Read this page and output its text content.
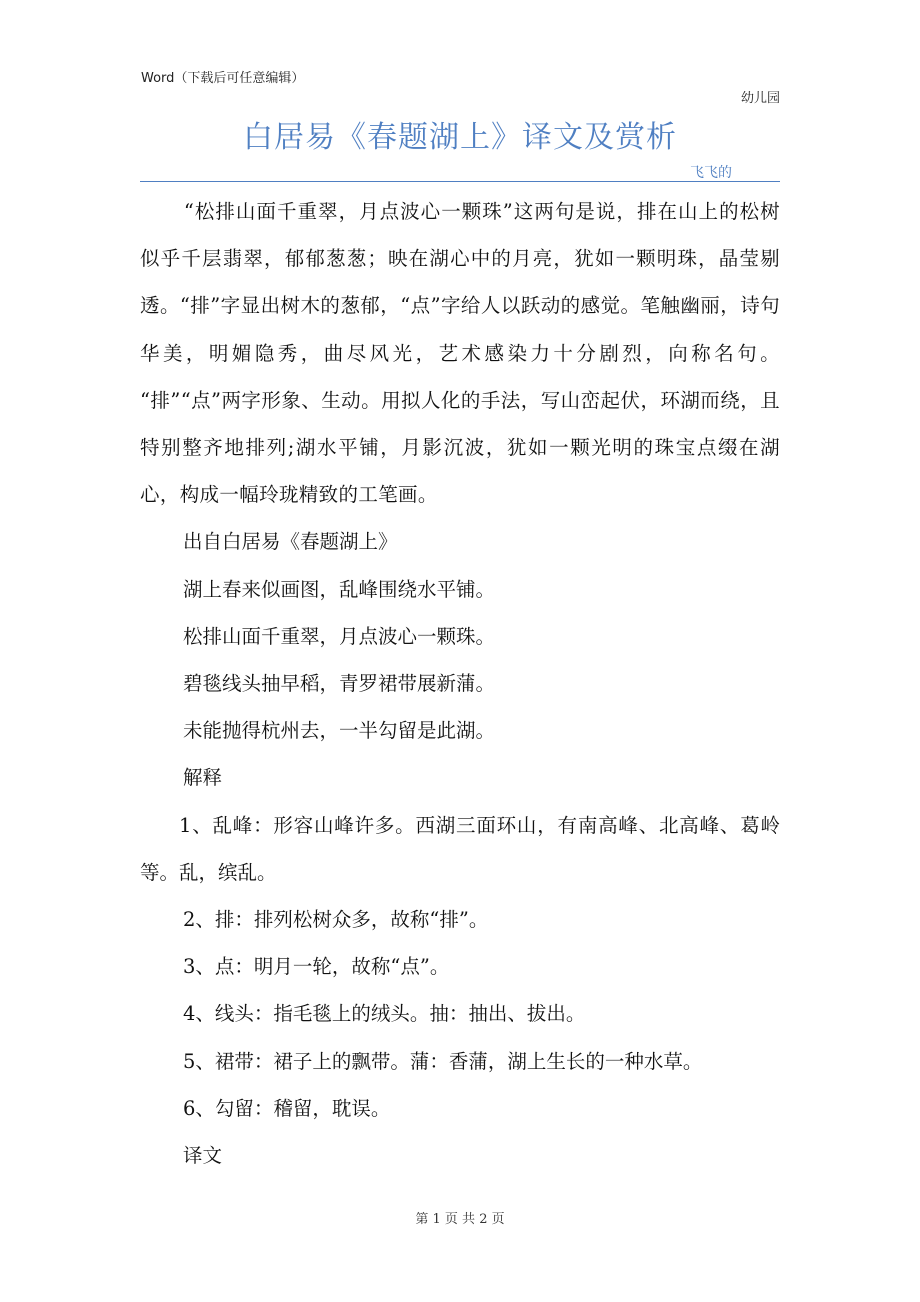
Word（下载后可任意编辑）
幼儿园
白居易《春题湖上》译文及赏析
飞飞的

“松排山面千重翠，月点波心一颗珠”这两句是说，排在山上的松树似乎千层翡翠，郁郁葱葱；映在湖心中的月亮，犹如一颗明珠，晶莹剔透。“排”字显出树木的葱郁，“点”字给人以跃动的感觉。笔触幽丽，诗句华美，明媚隐秀，曲尽风光，艺术感染力十分剧烈，向称名句。 “排”“点”两字形象、生动。用拟人化的手法，写山峦起伏，环湖而绕，且特别整齐地排列;湖水平铺，月影沉波，犹如一颗光明的珠宝点缀在湖心，构成一幅玲珑精致的工笔画。

出自白居易《春题湖上》

湖上春来似画图，乱峰围绕水平铺。

松排山面千重翠，月点波心一颗珠。

碧毯线头抽早稻，青罗裙带展新蒲。

未能抛得杭州去，一半勾留是此湖。

解释

1、乱峰：形容山峰许多。西湖三面环山，有南高峰、北高峰、葛岭等。乱，缤乱。

2、排：排列松树众多，故称“排”。

3、点：明月一轮，故称“点”。

4、线头：指毛毯上的绒头。抽：抽出、拔出。

5、裙带：裙子上的飘带。蒲：香蒲，湖上生长的一种水草。

6、勾留：稽留，耽误。

译文

第 1 页 共 2 页
